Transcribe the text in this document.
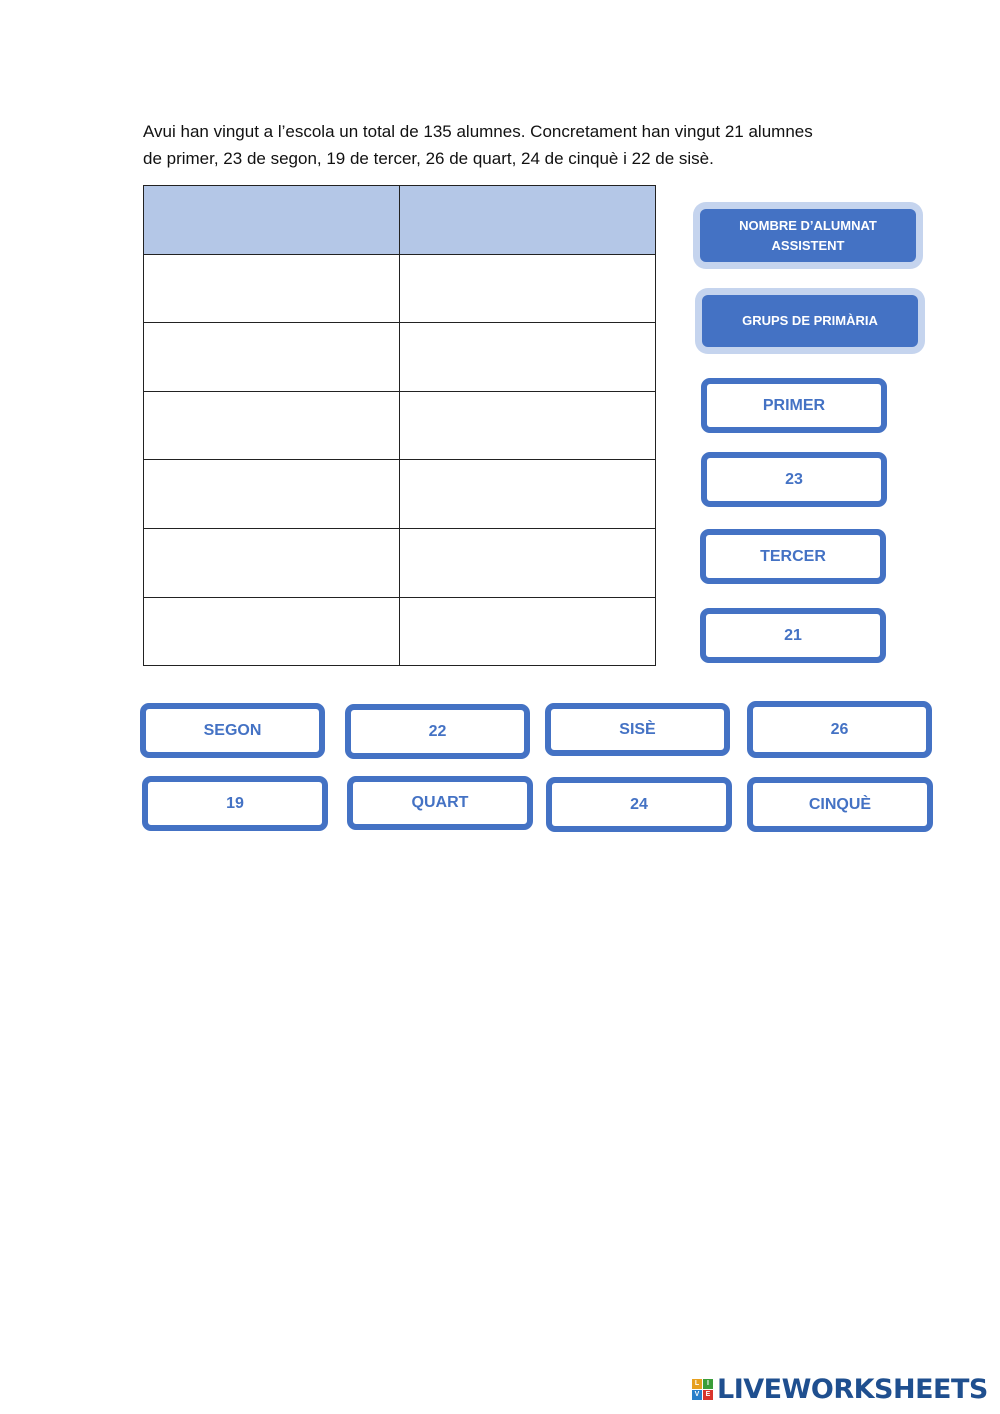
Avui han vingut a l’escola un total de 135 alumnes. Concretament han vingut 21 alumnes

de primer, 23 de segon, 19 de tercer, 26 de quart, 24 de cinquè i 22 de sisè.

NOMBRE D’ALUMNAT
ASSISTENT
GRUPS DE PRIMÀRIA
PRIMER
23
TERCER
21
SEGON	22	SISÈ	26
19	QUART	24	CINQUÈ
L	I
V E LIVEWORKSHEETS
